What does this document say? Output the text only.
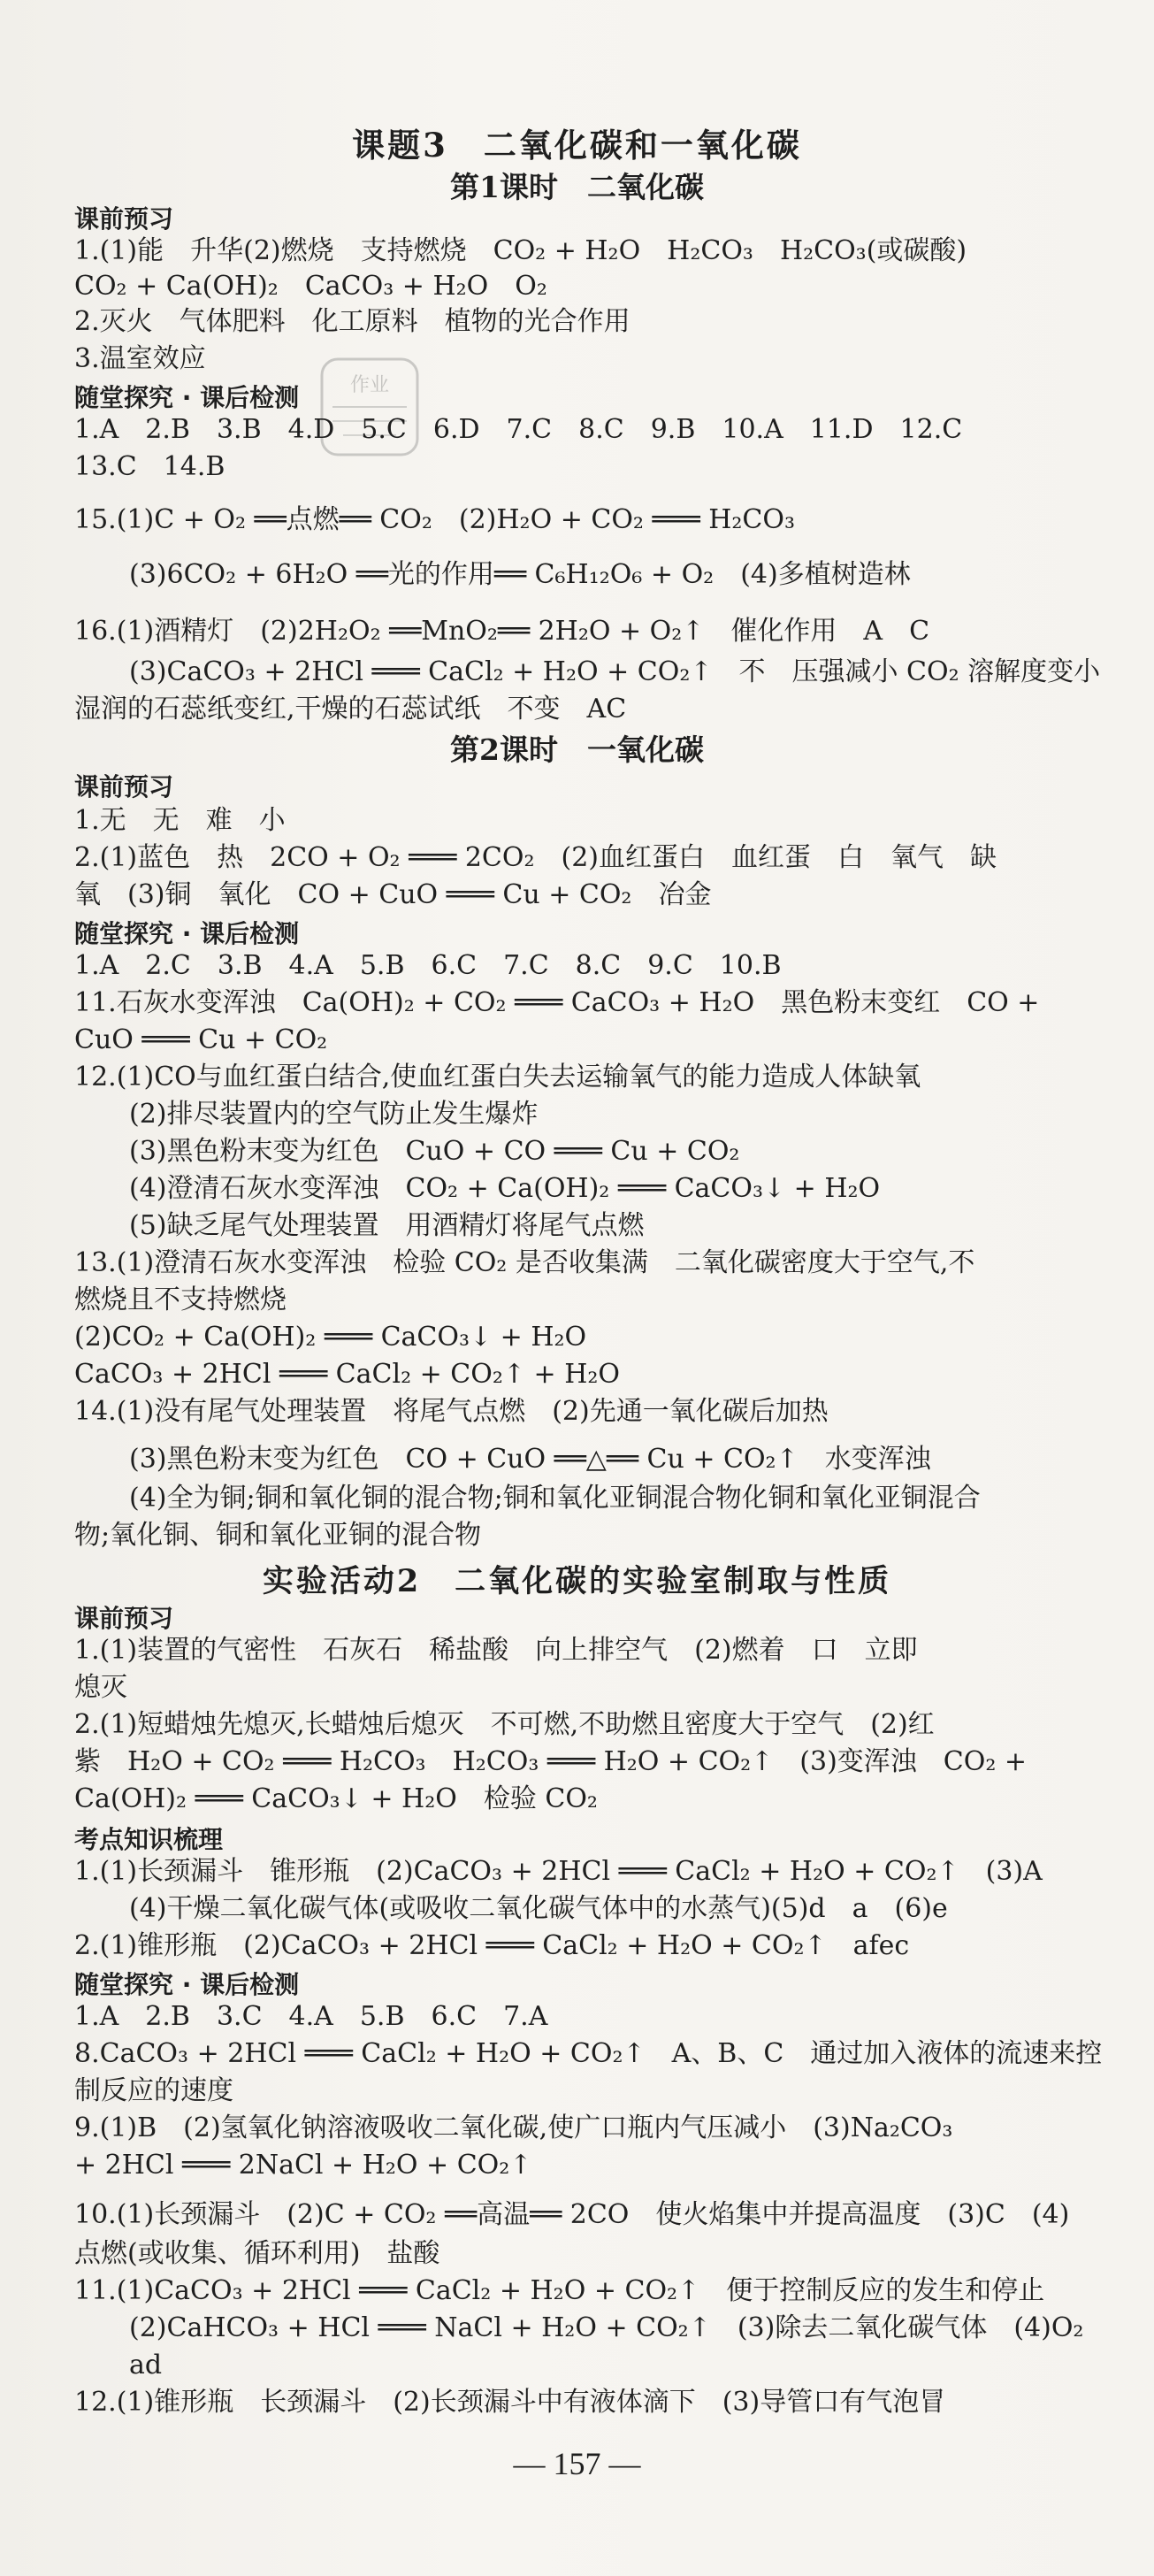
课题3　二氧化碳和一氧化碳
第1课时　二氧化碳
课前预习
1.(1)能　升华(2)燃烧　支持燃烧　CO₂ + H₂O　H₂CO₃　H₂CO₃(或碳酸)
CO₂ + Ca(OH)₂　CaCO₃ + H₂O　O₂
2.灭火　气体肥料　化工原料　植物的光合作用
3.温室效应
作业
随堂探究 · 课后检测
1.A　2.B　3.B　4.D　5.C　6.D　7.C　8.C　9.B　10.A　11.D　12.C
13.C　14.B
15.(1)C + O₂ ══点燃══ CO₂　(2)H₂O + CO₂ ═══ H₂CO₃
(3)6CO₂ + 6H₂O ══光的作用══ C₆H₁₂O₆ + O₂　(4)多植树造林
16.(1)酒精灯　(2)2H₂O₂ ══MnO₂══ 2H₂O + O₂↑　催化作用　A　C
(3)CaCO₃ + 2HCl ═══ CaCl₂ + H₂O + CO₂↑　不　压强减小 CO₂ 溶解度变小
湿润的石蕊纸变红,干燥的石蕊试纸　不变　AC
第2课时　一氧化碳
课前预习
1.无　无　难　小
2.(1)蓝色　热　2CO + O₂ ═══ 2CO₂　(2)血红蛋白　血红蛋　白　氧气　缺
氧　(3)铜　氧化　CO + CuO ═══ Cu + CO₂　冶金
随堂探究 · 课后检测
1.A　2.C　3.B　4.A　5.B　6.C　7.C　8.C　9.C　10.B
11.石灰水变浑浊　Ca(OH)₂ + CO₂ ═══ CaCO₃ + H₂O　黑色粉末变红　CO +
CuO ═══ Cu + CO₂
12.(1)CO与血红蛋白结合,使血红蛋白失去运输氧气的能力造成人体缺氧
(2)排尽装置内的空气防止发生爆炸
(3)黑色粉末变为红色　CuO + CO ═══ Cu + CO₂
(4)澄清石灰水变浑浊　CO₂ + Ca(OH)₂ ═══ CaCO₃↓ + H₂O
(5)缺乏尾气处理装置　用酒精灯将尾气点燃
13.(1)澄清石灰水变浑浊　检验 CO₂ 是否收集满　二氧化碳密度大于空气,不
燃烧且不支持燃烧
(2)CO₂ + Ca(OH)₂ ═══ CaCO₃↓ + H₂O
CaCO₃ + 2HCl ═══ CaCl₂ + CO₂↑ + H₂O
14.(1)没有尾气处理装置　将尾气点燃　(2)先通一氧化碳后加热
(3)黑色粉末变为红色　CO + CuO ══△══ Cu + CO₂↑　水变浑浊
(4)全为铜;铜和氧化铜的混合物;铜和氧化亚铜混合物化铜和氧化亚铜混合
物;氧化铜、铜和氧化亚铜的混合物
实验活动2　二氧化碳的实验室制取与性质
课前预习
1.(1)装置的气密性　石灰石　稀盐酸　向上排空气　(2)燃着　口　立即
熄灭
2.(1)短蜡烛先熄灭,长蜡烛后熄灭　不可燃,不助燃且密度大于空气　(2)红
紫　H₂O + CO₂ ═══ H₂CO₃　H₂CO₃ ═══ H₂O + CO₂↑　(3)变浑浊　CO₂ +
Ca(OH)₂ ═══ CaCO₃↓ + H₂O　检验 CO₂
考点知识梳理
1.(1)长颈漏斗　锥形瓶　(2)CaCO₃ + 2HCl ═══ CaCl₂ + H₂O + CO₂↑　(3)A
(4)干燥二氧化碳气体(或吸收二氧化碳气体中的水蒸气)(5)d　a　(6)e
2.(1)锥形瓶　(2)CaCO₃ + 2HCl ═══ CaCl₂ + H₂O + CO₂↑　afec
随堂探究 · 课后检测
1.A　2.B　3.C　4.A　5.B　6.C　7.A
8.CaCO₃ + 2HCl ═══ CaCl₂ + H₂O + CO₂↑　A、B、C　通过加入液体的流速来控
制反应的速度
9.(1)B　(2)氢氧化钠溶液吸收二氧化碳,使广口瓶内气压减小　(3)Na₂CO₃
+ 2HCl ═══ 2NaCl + H₂O + CO₂↑
10.(1)长颈漏斗　(2)C + CO₂ ══高温══ 2CO　使火焰集中并提高温度　(3)C　(4)
点燃(或收集、循环利用)　盐酸
11.(1)CaCO₃ + 2HCl ═══ CaCl₂ + H₂O + CO₂↑　便于控制反应的发生和停止
(2)CaHCO₃ + HCl ═══ NaCl + H₂O + CO₂↑　(3)除去二氧化碳气体　(4)O₂
ad
12.(1)锥形瓶　长颈漏斗　(2)长颈漏斗中有液体滴下　(3)导管口有气泡冒
— 157 —
